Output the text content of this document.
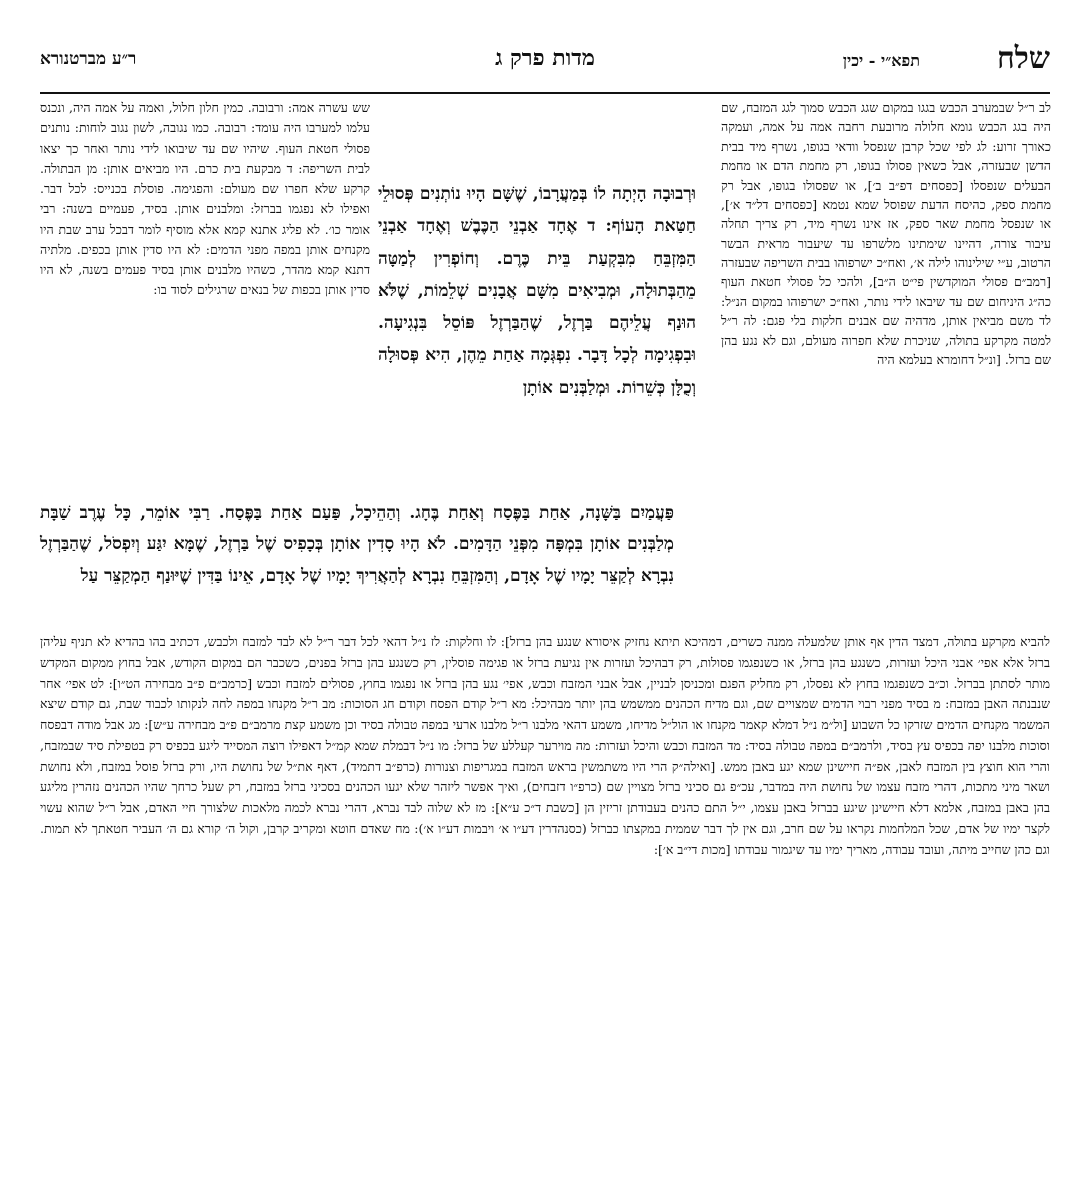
ר״ע מברטנורא	מדות פרק ג	תפא״י - יכין	שלח

לב ר״ל שבמערב הכבש בגגו במקום שגג הכבש סמוך לגג המזבח, שם היה בגג הכבש גומא חלולה מרובעת רחבה אמה על אמה, ועמקה כאורך זרוע: לג לפי שכל קרבן שנפסל וודאי בגופו, נשרף מיד בבית הדשן שבעזרה, אבל כשאין פסולו בגופו, רק מחמת הדם או מחמת הבעלים שנפסלו [כפסחים דפ״ב ב׳], או שפסולו בגופו, אבל רק מחמת ספק, כהיסח הדעת שפוסל שמא נטמא [כפסחים דל״ד א׳], או שנפסל מחמת שאר ספק, אז אינו נשרף מיד, רק צריך תחלה עיבור צורה, דהיינו שימתינו מלשרפו עד שיעבור מראית הבשר הרטוב, ע״י שילינוהו לילה א׳, ואח״כ ישרפוהו בבית השריפה שבעזרה [רמב״ם פסולי המוקדשין פי״ט ה״ב], ולהכי כל פסולי חטאת העוף כה״ג היניחום שם עד שיבאו לידי נותר, ואח״כ ישרפוהו במקום הנ״ל: לד משם מביאין אותן, מדהיה שם אבנים חלקות בלי פגם: לה ר״ל למטה מקרקע בתולה, שניכרת שלא חפרוה מעולם, וגם לא נגע בהן שם ברזל. [ונ״ל דחומרא בעלמא היה

שש עשרה אמה: ורבובה. כמין חלון חלול, ואמה על אמה היה, ונכנס עלמו למערבו היה עומד: רבובה. כמו נגובה, לשון נגוב לוחות: נותנים פסולי חטאת העוף. שיהיו שם עד שיבואו לידי נותר ואחר כך יצאו לבית השריפה: ד מבקעת בית כרם. היו מביאים אותן: מן הבתולה. קרקע שלא חפרו שם מעולם: והפגימה. פוסלת בכנייס: לכל דבר. ואפילו לא נפגמו בברזל: ומלבנים אותן. בסיד, פעמיים בשנה: רבי אומר כו׳. לא פליג אתנא קמא אלא מוסיף לומר דבכל ערב שבת היו מקנחים אותן במפה מפני הדמים: לא היו סדין אותן בכפים. מלתיה דתנא קמא מהדר, כשהיו מלבנים אותן בסיד פעמים בשנה, לא היו סדין אותן בכפות של בנאים שרגילים לסוד בו:

וּרְבוּבָה הָיְתָה לוֹ בְּמַעֲרָבוֹ, שֶׁשָּׁם הָיוּ נוֹתְנִים פְּסוּלֵי חַטַּאת הָעוֹף: ד אֶחָד אַבְנֵי הַכֶּבֶשׁ וְאֶחָד אַבְנֵי הַמִּזְבֵּחַ מִבִּקְעַת בֵּית כֶּרֶם. וְחוֹפְרִין לְמַטָּה מֵהַבְּתוּלָה, וּמְבִיאִים מִשָּׁם אֲבָנִים שְׁלֵמוֹת, שֶׁלֹּא הוּנַף עֲלֵיהֶם בַּרְזֶל, שֶׁהַבַּרְזֶל פּוֹסֵל בִּנְגִיעָה. וּבִפְגִימָה לְכָל דָּבָר. נִפְגְּמָה אַחַת מֵהֶן, הִיא פְּסוּלָה וְכֻלָּן כְּשֵׁרוֹת. וּמְלַבְּנִים אוֹתָן

פַּעֲמַיִם בַּשָּׁנָה, אַחַת בַּפֶּסַח וְאַחַת בֶּחָג. וְהַהֵיכָל, פַּעַם אַחַת בַּפֶּסַח. רַבִּי אוֹמֵר, כָּל עֶרֶב שַׁבָּת מְלַבְּנִים אוֹתָן בִּמְפָּה מִפְּנֵי הַדָּמִים. לֹא הָיוּ סָדִין אוֹתָן בְּכָפִיס שֶׁל בַּרְזֶל, שֶׁמָּא יִגַּע וְיִפְסֹל, שֶׁהַבַּרְזֶל נִבְרָא לְקַצֵּר יָמָיו שֶׁל אָדָם, וְהַמִּזְבֵּחַ נִבְרָא לְהַאֲרִיךְ יָמָיו שֶׁל אָדָם, אֵינוֹ בַּדִּין שֶׁיּוּנַף הַמְקַצֵּר עַל

להביא מקרקע בתולה, דמצד הדין אף אותן שלמעלה ממנה כשרים, דמהיכא תיתא נחזיק איסורא שנגע בהן ברזל]: לו וחלקות: לז נ״ל דהאי לכל דבר ר״ל לא לבד למזבח ולכבש, דכתיב בהו בהדיא לא תניף עליהן ברזל אלא אפי׳ אבני היכל ועזרות, כשנגע בהן ברזל, או כשנפגמו פסולות, רק דבהיכל ועזרות אין נגיעת ברזל או פגימה פוסלין, רק כשנגע בהן ברזל בפנים, כשכבר הם במקום הקודש, אבל בחוץ ממקום המקדש מותר לסתתן בברזל. וכ״ב כשנפגמו בחוץ לא נפסלו, רק מחליק הפגם ומכניסן לבניין, אבל אבני המזבח וכבש, אפי׳ נגע בהן ברזל או נפגמו בחוץ, פסולים למזבח וכבש [כרמב״ם פ״ב מבחירה הט״ו]: לט אפי׳ אחר שנבנתה האבן במזבח: מ בסיד מפני רבוי הדמים שמצויים שם, וגם מדיח הכהנים ממשמש בהן יותר מבהיכל: מא ר״ל קודם הפסח וקודם חג הסוכות: מב ר״ל מקנחו במפה לחה לנקותו לכבוד שבת, גם קודם שיצא המשמר מקנחים הדמים שזרקו כל השבוע [ול״מ נ״ל דמלא קאמר מקנחו או הול״ל מדיחו, משמע דהאי מלבנו ר״ל מלבנו ארעי במפה טבולה בסיד וכן משמע קצת מרמב״ם פ״ב מבחירה ע״ש]: מג אבל מודה דבפסח וסוכות מלבנו יפה בכפיס עץ בסיד, ולרמב״ם במפה טבולה בסיד: מד המזבח וכבש והיכל ועזרות: מה מוירער קעללע של ברזל: מו נ״ל דבמלת שמא קמ״ל דאפילו רוצה המסייד ליגע בכפיס רק בטפילת סיד שבמזבח, והרי הוא חוצץ בין המזבח לאבן, אפ״ה חיישינן שמא יגע באבן ממש. [ואילה״ק הרי היו משתמשין בראש המזבח במגריפות וצנורות (כרפ״ב דתמיד), דאף את״ל של נחושת היו, ורק ברזל פוסל במזבח, ולא נחושת ושאר מיני מתכות, דהרי מזבח עצמו של נחושת היה במדבר, עכ״פ גם סכיני ברזל מצויין שם (כרפ״ו דזבחים), ואיך אפשר ליזהר שלא יגעו הכהנים בסכיני ברזל במזבח, רק שעל כרחך שהיו הכהנים נזהרין מליגע בהן באבן במזבח, אלמא דלא חיישינן שיגע בברזל באבן עצמו, י״ל התם כהנים בעבודתן זריזין הן [כשבת ד״כ ע״א]: מז לא שלוה לבד נברא, דהרי נברא לכמה מלאכות שלצורך חיי האדם, אבל ר״ל שהוא עשוי לקצר ימיו של אדם, שכל המלחמות נקראו על שם חרב, וגם אין לך דבר שממית במקצתו כברזל (כסנהדרין דע״ו א׳ ויבמות דע״ו א׳): מח שאדם חוטא ומקריב קרבן, וקול ה׳ קורא גם ה׳ העביר חטאתך לא תמות. וגם כהן שחייב מיתה, ועובד עבודה, מאריך ימיו עד שיגמור עבודתו [מכות די״ב א׳]:
